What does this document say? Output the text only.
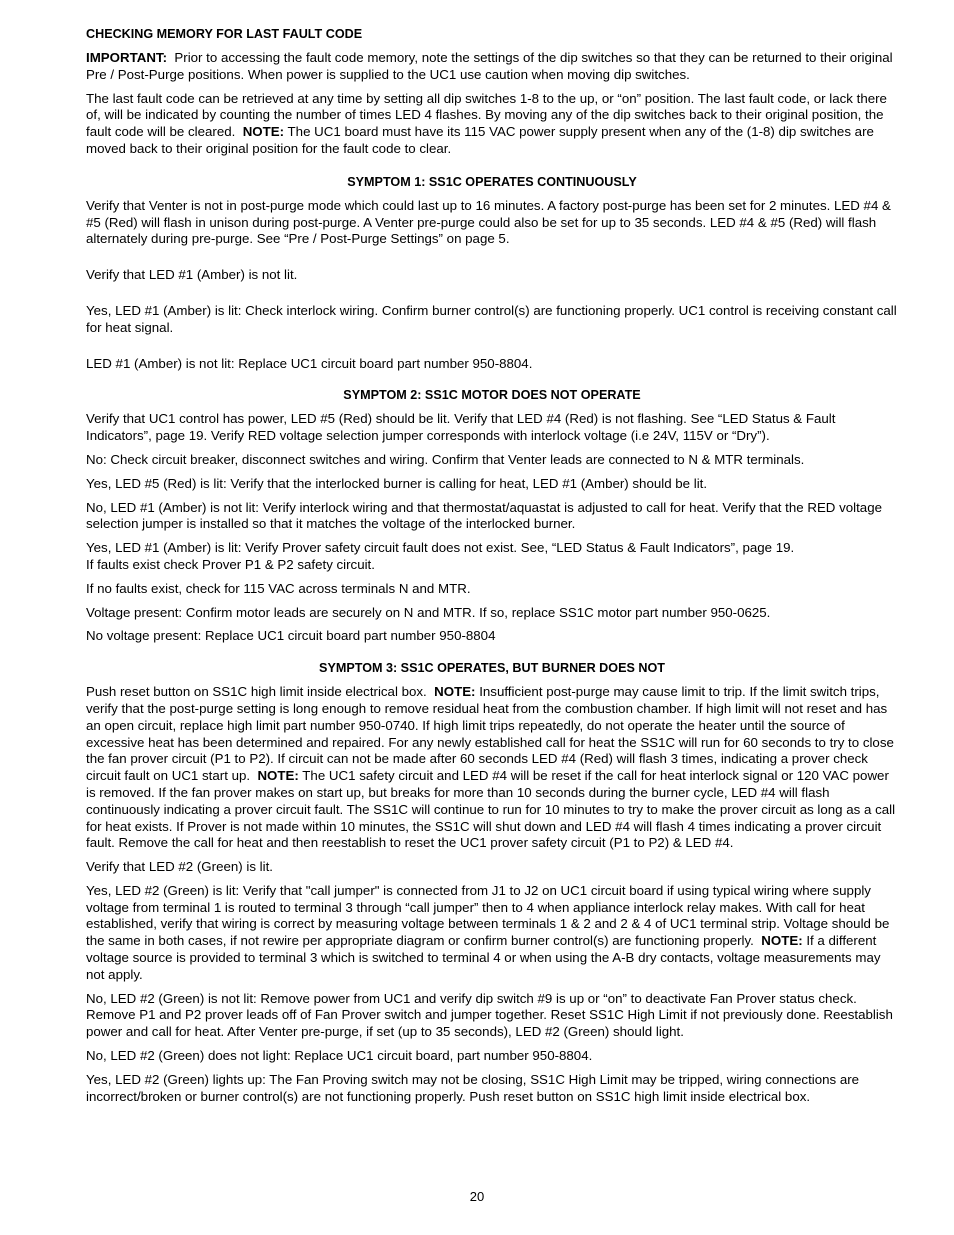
CHECKING MEMORY FOR LAST FAULT CODE
IMPORTANT: Prior to accessing the fault code memory, note the settings of the dip switches so that they can be returned to their original Pre / Post-Purge positions. When power is supplied to the UC1 use caution when moving dip switches.
The last fault code can be retrieved at any time by setting all dip switches 1-8 to the up, or “on” position. The last fault code, or lack there of, will be indicated by counting the number of times LED 4 flashes. By moving any of the dip switches back to their original position, the fault code will be cleared. NOTE: The UC1 board must have its 115 VAC power supply present when any of the (1-8) dip switches are moved back to their original position for the fault code to clear.
SYMPTOM 1: SS1C OPERATES CONTINUOUSLY
Verify that Venter is not in post-purge mode which could last up to 16 minutes. A factory post-purge has been set for 2 minutes. LED #4 & #5 (Red) will flash in unison during post-purge. A Venter pre-purge could also be set for up to 35 seconds. LED #4 & #5 (Red) will flash alternately during pre-purge. See “Pre / Post-Purge Settings” on page 5.
Verify that LED #1 (Amber) is not lit.
Yes, LED #1 (Amber) is lit: Check interlock wiring. Confirm burner control(s) are functioning properly. UC1 control is receiving constant call for heat signal.
LED #1 (Amber) is not lit: Replace UC1 circuit board part number 950-8804.
SYMPTOM 2: SS1C MOTOR DOES NOT OPERATE
Verify that UC1 control has power, LED #5 (Red) should be lit. Verify that LED #4 (Red) is not flashing. See “LED Status & Fault Indicators”, page 19. Verify RED voltage selection jumper corresponds with interlock voltage (i.e 24V, 115V or “Dry”).
No: Check circuit breaker, disconnect switches and wiring. Confirm that Venter leads are connected to N & MTR terminals.
Yes, LED #5 (Red) is lit: Verify that the interlocked burner is calling for heat, LED #1 (Amber) should be lit.
No, LED #1 (Amber) is not lit: Verify interlock wiring and that thermostat/aquastat is adjusted to call for heat. Verify that the RED voltage selection jumper is installed so that it matches the voltage of the interlocked burner.
Yes, LED #1 (Amber) is lit: Verify Prover safety circuit fault does not exist. See, “LED Status & Fault Indicators”, page 19.
If faults exist check Prover P1 & P2 safety circuit.
If no faults exist, check for 115 VAC across terminals N and MTR.
Voltage present: Confirm motor leads are securely on N and MTR. If so, replace SS1C motor part number 950-0625.
No voltage present: Replace UC1 circuit board part number 950-8804
SYMPTOM 3: SS1C OPERATES, BUT BURNER DOES NOT
Push reset button on SS1C high limit inside electrical box. NOTE: Insufficient post-purge may cause limit to trip. If the limit switch trips, verify that the post-purge setting is long enough to remove residual heat from the combustion chamber. If high limit will not reset and has an open circuit, replace high limit part number 950-0740. If high limit trips repeatedly, do not operate the heater until the source of excessive heat has been determined and repaired. For any newly established call for heat the SS1C will run for 60 seconds to try to close the fan prover circuit (P1 to P2). If circuit can not be made after 60 seconds LED #4 (Red) will flash 3 times, indicating a prover check circuit fault on UC1 start up. NOTE: The UC1 safety circuit and LED #4 will be reset if the call for heat interlock signal or 120 VAC power is removed. If the fan prover makes on start up, but breaks for more than 10 seconds during the burner cycle, LED #4 will flash continuously indicating a prover circuit fault. The SS1C will continue to run for 10 minutes to try to make the prover circuit as long as a call for heat exists. If Prover is not made within 10 minutes, the SS1C will shut down and LED #4 will flash 4 times indicating a prover circuit fault. Remove the call for heat and then reestablish to reset the UC1 prover safety circuit (P1 to P2) & LED #4.
Verify that LED #2 (Green) is lit.
Yes, LED #2 (Green) is lit: Verify that "call jumper" is connected from J1 to J2 on UC1 circuit board if using typical wiring where supply voltage from terminal 1 is routed to terminal 3 through “call jumper” then to 4 when appliance interlock relay makes. With call for heat established, verify that wiring is correct by measuring voltage between terminals 1 & 2 and 2 & 4 of UC1 terminal strip. Voltage should be the same in both cases, if not rewire per appropriate diagram or confirm burner control(s) are functioning properly. NOTE: If a different voltage source is provided to terminal 3 which is switched to terminal 4 or when using the A-B dry contacts, voltage measurements may not apply.
No, LED #2 (Green) is not lit: Remove power from UC1 and verify dip switch #9 is up or “on” to deactivate Fan Prover status check. Remove P1 and P2 prover leads off of Fan Prover switch and jumper together. Reset SS1C High Limit if not previously done. Reestablish power and call for heat. After Venter pre-purge, if set (up to 35 seconds), LED #2 (Green) should light.
No, LED #2 (Green) does not light: Replace UC1 circuit board, part number 950-8804.
Yes, LED #2 (Green) lights up: The Fan Proving switch may not be closing, SS1C High Limit may be tripped, wiring connections are incorrect/broken or burner control(s) are not functioning properly. Push reset button on SS1C high limit inside electrical box.
20
